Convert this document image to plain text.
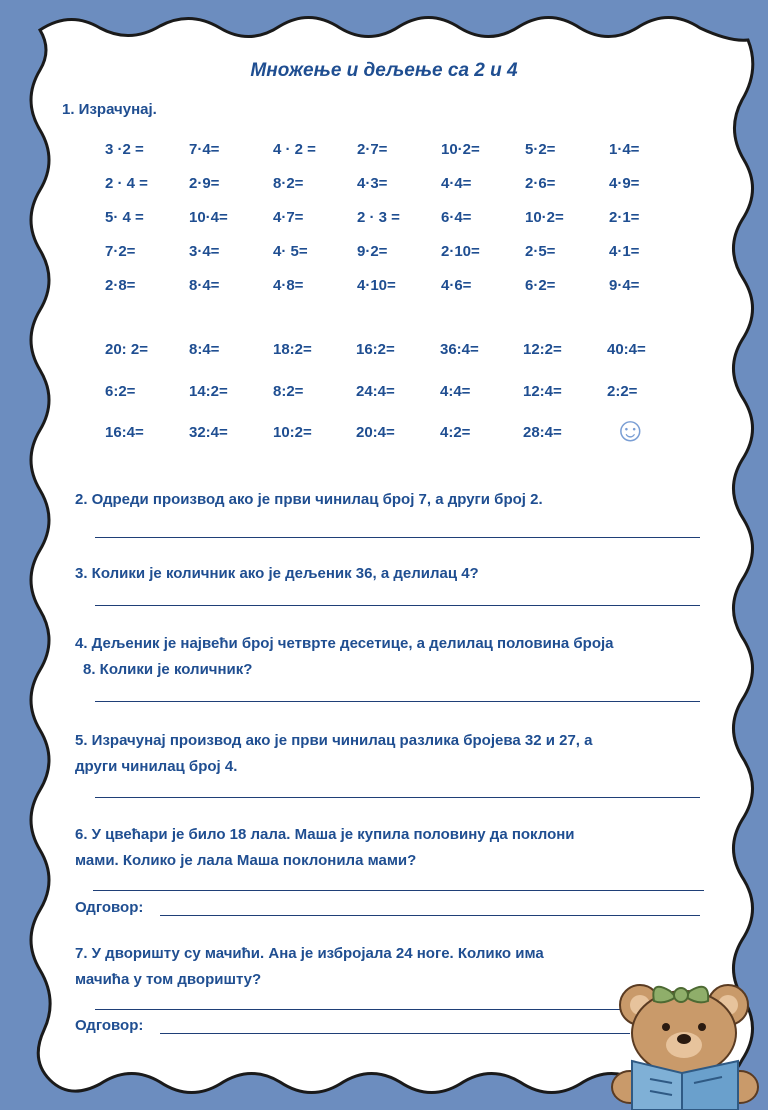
Множење и дељење са 2 и 4
1. Израчунај.
3 ·2 =	7·4=	4 · 2 =	2·7=	10·2=	5·2=	1·4=
2 · 4 =	2·9=	8·2=	4·3=	4·4=	2·6=	4·9=
5· 4 =	10·4=	4·7=	2 · 3 =	6·4=	10·2=	2·1=
7·2=	3·4=	4· 5=	9·2=	2·10=	2·5=	4·1=
2·8=	8·4=	4·8=	4·10=	4·6=	6·2=	9·4=
20: 2=	8:4=	18:2=	16:2=	36:4=	12:2=	40:4=
6:2=	14:2=	8:2=	24:4=	4:4=	12:4=	2:2=
16:4=	32:4=	10:2=	20:4=	4:2=	28:4=	☺
2. Одреди производ ако је први чинилац број 7, а други број 2.
3. Колики је количник ако је дељеник 36, а делилац 4?
4. Дељеник је највећи број четврте десетице, а делилац половина броја
8. Колики је количник?
5. Израчунај производ ако је први чинилац разлика бројева 32 и 27, а
други чинилац број 4.
6. У цвећари је било 18 лала. Маша је купила половину да поклони
мами. Колико је лала Маша поклонила мами?
Одговор:
7. У дворишту су мачићи. Ана је избројала 24 ноге. Колико има
мачића у том дворишту?
Одговор:
